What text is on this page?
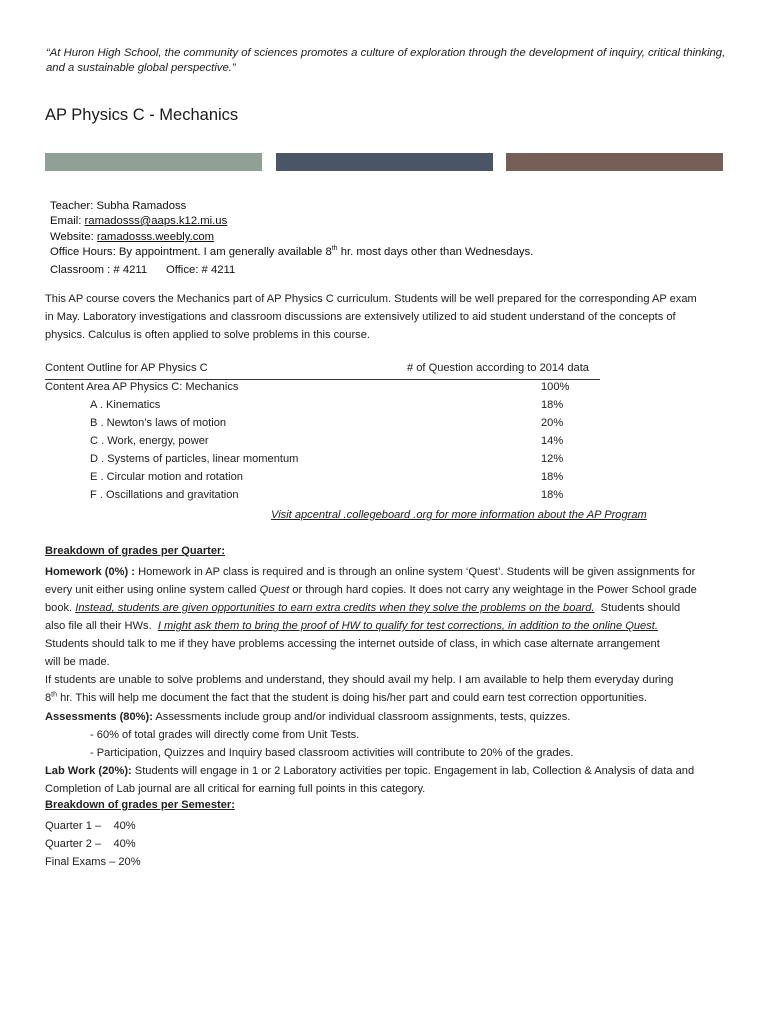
“At Huron High School, the community of sciences promotes a culture of exploration through the development of inquiry, critical thinking, and a sustainable global perspective.”
AP Physics C - Mechanics
Teacher: Subha Ramadoss
Email: ramadosss@aaps.k12.mi.us
Website: ramadosss.weebly.com
Office Hours: By appointment. I am generally available 8th hr. most days other than Wednesdays.
Classroom : # 4211      Office: # 4211
This AP course covers the Mechanics part of AP Physics C curriculum. Students will be well prepared for the corresponding AP exam
in May. Laboratory investigations and classroom discussions are extensively utilized to aid student understand of the concepts of
physics. Calculus is often applied to solve problems in this course.
Content Outline for AP Physics C	# of Question according to 2014 data
Content Area AP Physics C: Mechanics	100%
A . Kinematics	18%
B . Newton’s laws of motion	20%
C . Work, energy, power	14%
D . Systems of particles, linear momentum	12%
E . Circular motion and rotation	18%
F . Oscillations and gravitation	18%
Visit apcentral .collegeboard .org for more information about the AP Program
Breakdown of grades per Quarter:
Homework (0%) : Homework in AP class is required and is through an online system ‘Quest’. Students will be given assignments for
every unit either using online system called Quest or through hard copies. It does not carry any weightage in the Power School grade
book. Instead, students are given opportunities to earn extra credits when they solve the problems on the board.  Students should
also file all their HWs.  I might ask them to bring the proof of HW to qualify for test corrections, in addition to the online Quest.
Students should talk to me if they have problems accessing the internet outside of class, in which case alternate arrangement
will be made.
If students are unable to solve problems and understand, they should avail my help. I am available to help them everyday during
8th hr. This will help me document the fact that the student is doing his/her part and could earn test correction opportunities.
Assessments (80%): Assessments include group and/or individual classroom assignments, tests, quizzes.
- 60% of total grades will directly come from Unit Tests.
- Participation, Quizzes and Inquiry based classroom activities will contribute to 20% of the grades.
Lab Work (20%): Students will engage in 1 or 2 Laboratory activities per topic. Engagement in lab, Collection & Analysis of data and
Completion of Lab journal are all critical for earning full points in this category.
Breakdown of grades per Semester:
Quarter 1 –    40%
Quarter 2 –    40%
Final Exams – 20%
